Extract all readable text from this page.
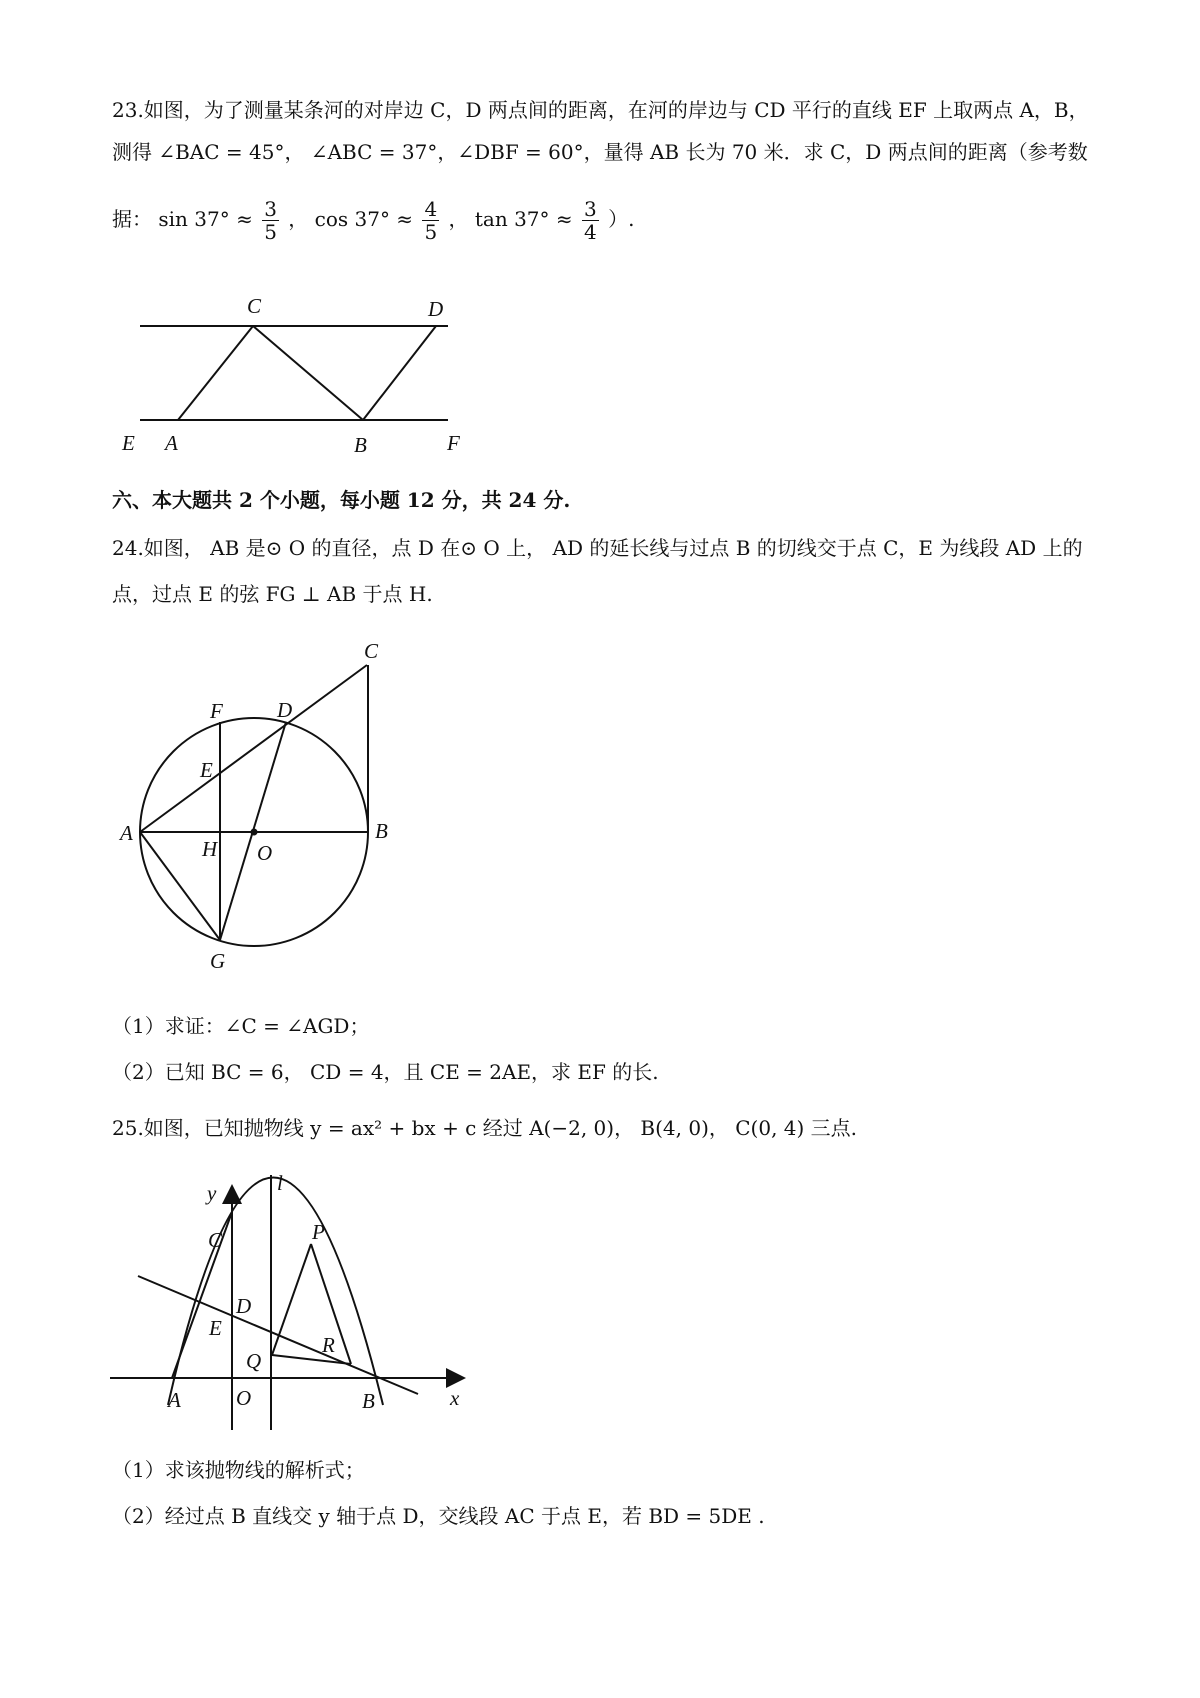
23.如图，为了测量某条河的对岸边 C，D 两点间的距离，在河的岸边与 CD 平行的直线 EF 上取两点 A，B，
测得 ∠BAC = 45°， ∠ABC = 37°，∠DBF = 60°，量得 AB 长为 70 米．求 C，D 两点间的距离（参考数
据： $\sin 37^\circ \approx \frac{3}{5}$ ， $\cos 37^\circ \approx \frac{4}{5}$ ， $\tan 37^\circ \approx \frac{3}{4}$ ）.
C	D
E A	B	F
六、本大题共 2 个小题，每小题 12 分，共 24 分.
24.如图， AB 是⊙ O 的直径，点 D 在⊙ O 上， AD 的延长线与过点 B 的切线交于点 C，E 为线段 AD 上的
点，过点 E 的弦 FG ⊥ AB 于点 H.
C
F	D
E
A
H O
B
G
（1）求证：∠C = ∠AGD；
（2）已知 BC = 6， CD = 4，且 CE = 2AE，求 EF 的长.
25.如图，已知抛物线 y = ax² + bx + c 经过 A(−2, 0)， B(4, 0)， C(0, 4) 三点.
y	l
C	P
D
E
R
Q
A	O	B	x
（1）求该抛物线的解析式；
（2）经过点 B 直线交 y 轴于点 D，交线段 AC 于点 E，若 BD = 5DE .
